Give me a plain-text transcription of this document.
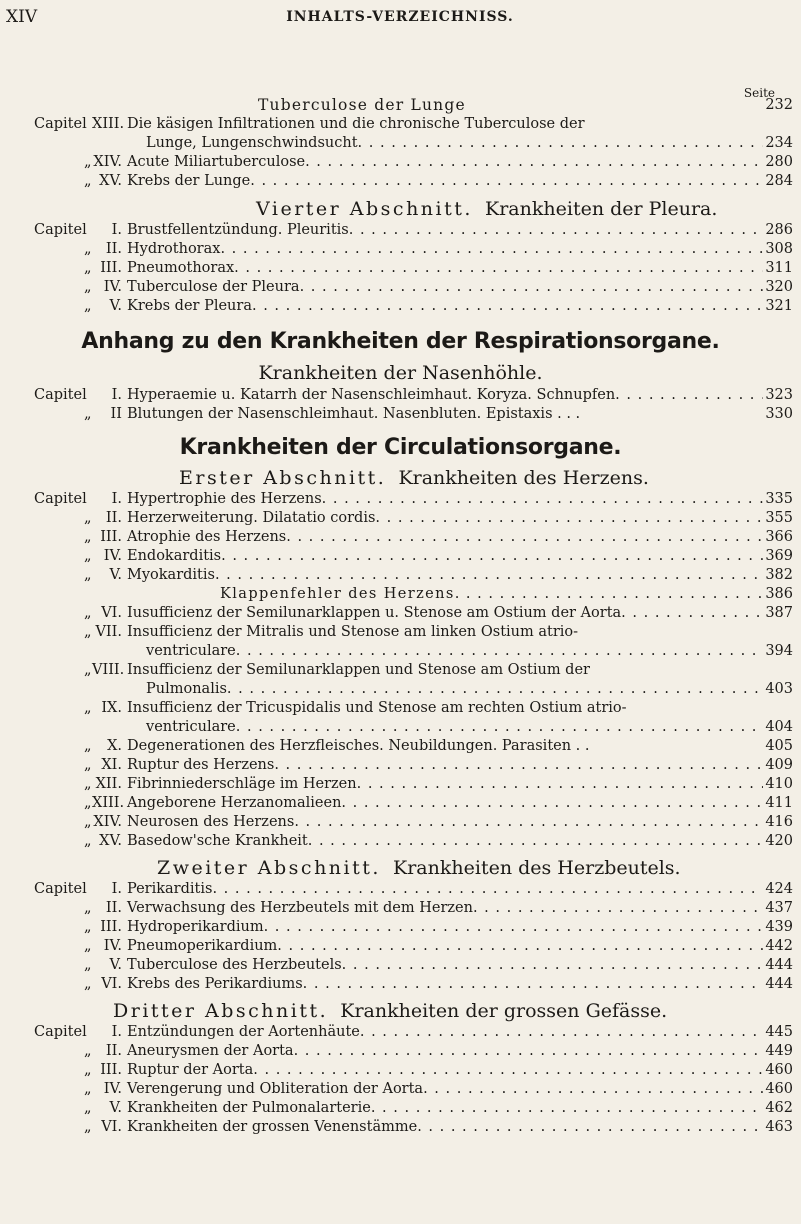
XIV	INHALTS-VERZEICHNISS.
Seite
Tuberculose der Lunge	232
Capitel XIII. Die käsigen Infiltrationen und die chronische Tuberculose der
Lunge, Lungenschwindsucht . . .	234
„ XIV. Acute Miliartuberculose . . .	280
„ XV. Krebs der Lunge . . .	284
Vierter Abschnitt. Krankheiten der Pleura.
Capitel	I. Brustfellentzündung. Pleuritis . . .	286
„ II. Hydrothorax . . .	308
„ III. Pneumothorax . . .	311
„ IV. Tuberculose der Pleura . . .	320
„	V. Krebs der Pleura . . .	321
Anhang zu den Krankheiten der Respirationsorgane.
Krankheiten der Nasenhöhle.
Capitel	I. Hyperaemie u. Katarrh der Nasenschleimhaut. Koryza. Schnupfen . . .	323
„	II Blutungen der Nasenschleimhaut. Nasenbluten. Epistaxis . . .	330
Krankheiten der Circulationsorgane.
Erster Abschnitt. Krankheiten des Herzens.
Capitel	I. Hypertrophie des Herzens . . .	335
„ II. Herzerweiterung. Dilatatio cordis . . .	355
„ III. Atrophie des Herzens . . .	366
„ IV. Endokarditis . . .	369
„	V. Myokarditis . . .	382
Klappenfehler des Herzens . . .	386
„ VI. Iusufficienz der Semilunarklappen u. Stenose am Ostium der Aorta . . .	387
„ VII. Insufficienz der Mitralis und Stenose am linken Ostium atrio-
ventriculare . . .	394
„ VIII. Insufficienz der Semilunarklappen und Stenose am Ostium der
Pulmonalis . . .	403
„ IX. Insufficienz der Tricuspidalis und Stenose am rechten Ostium atrio-
ventriculare . . .	404
„	X. Degenerationen des Herzfleisches. Neubildungen. Parasiten . .	405
„ XI. Ruptur des Herzens . . .	409
„ XII. Fibrinniederschläge im Herzen . . .	410
„ XIII. Angeborene Herzanomalieen . . .	411
„ XIV. Neurosen des Herzens . . .	416
„ XV. Basedow'sche Krankheit . . .	420
Zweiter Abschnitt. Krankheiten des Herzbeutels.
Capitel	I. Perikarditis . . .	424
„ II. Verwachsung des Herzbeutels mit dem Herzen . . .	437
„ III. Hydroperikardium . . .	439
„ IV. Pneumoperikardium . . .	442
„	V. Tuberculose des Herzbeutels . . .	444
„ VI. Krebs des Perikardiums . . .	444
Dritter Abschnitt. Krankheiten der grossen Gefässe.
Capitel	I. Entzündungen der Aortenhäute . . .	445
„ II. Aneurysmen der Aorta . . .	449
„ III. Ruptur der Aorta . . .	460
„ IV. Verengerung und Obliteration der Aorta . . .	460
„	V. Krankheiten der Pulmonalarterie . . .	462
„ VI. Krankheiten der grossen Venenstämme . . .	463
